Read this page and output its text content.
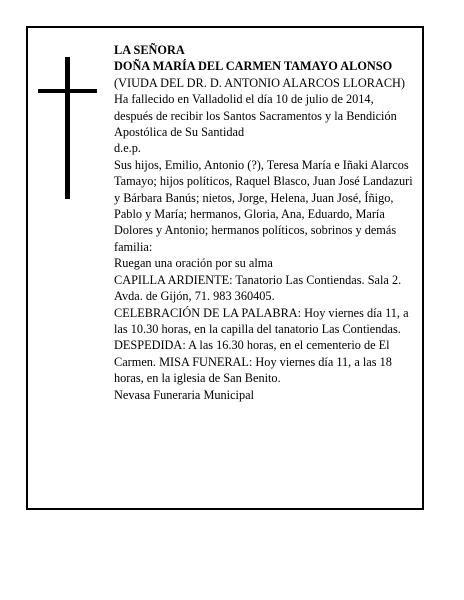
LA SEÑORA

DOÑA MARÍA DEL CARMEN TAMAYO ALONSO

(VIUDA DEL DR. D. ANTONIO ALARCOS LLORACH)

Ha fallecido en Valladolid el día 10 de julio de 2014, después de recibir los Santos Sacramentos y la Bendición Apostólica de Su Santidad

d.e.p.

Sus hijos, Emilio, Antonio (?), Teresa María e Iñaki Alarcos Tamayo; hijos políticos, Raquel Blasco, Juan José Landazuri y Bárbara Banús; nietos, Jorge, Helena, Juan José, Íñigo, Pablo y María; hermanos, Gloria, Ana, Eduardo, María Dolores y Antonio; hermanos políticos, sobrinos y demás familia:

Ruegan una oración por su alma

CAPILLA ARDIENTE: Tanatorio Las Contiendas. Sala 2. Avda. de Gijón, 71. 983 360405.

CELEBRACIÓN DE LA PALABRA: Hoy viernes día 11, a las 10.30 horas, en la capilla del tanatorio Las Contiendas. DESPEDIDA: A las 16.30 horas, en el cementerio de El Carmen. MISA FUNERAL: Hoy viernes día 11, a las 18 horas, en la iglesia de San Benito.

Nevasa Funeraria Municipal
